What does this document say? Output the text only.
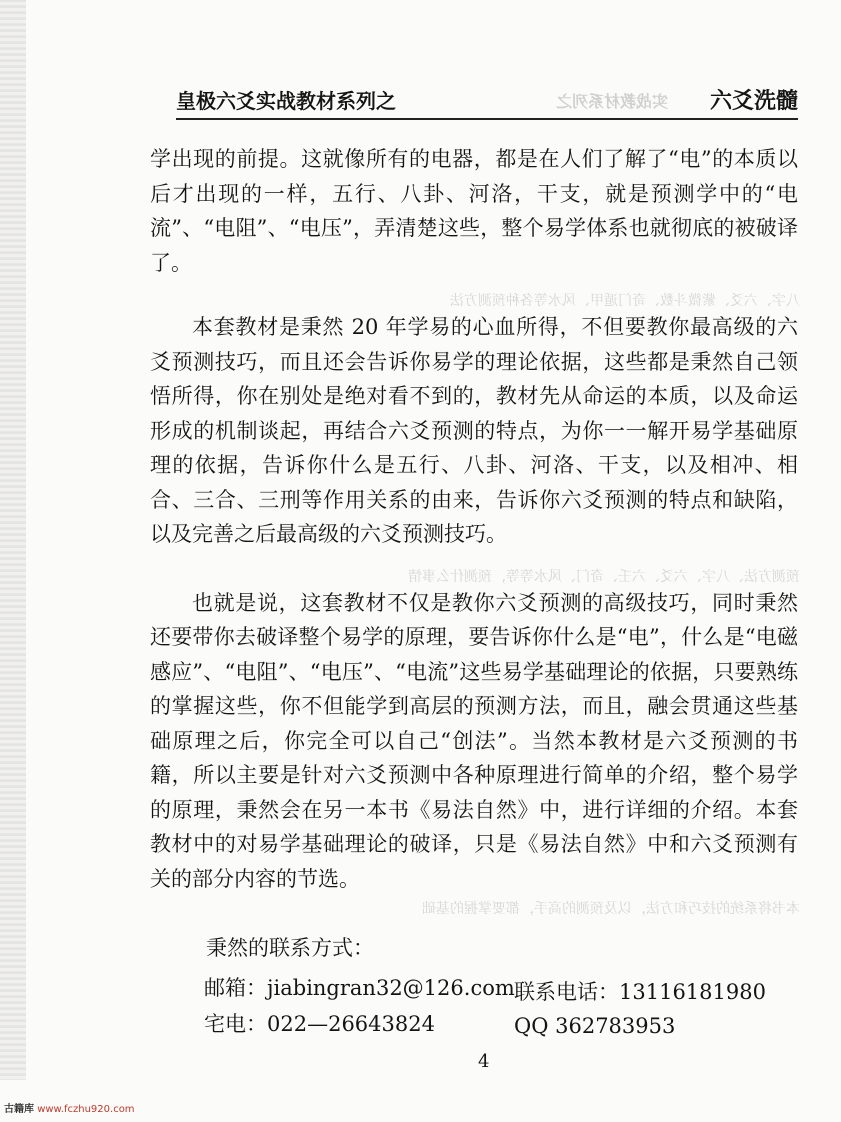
皇极六爻实战教材系列之	实战教材系列之 六爻洗髓
八字、六爻、紫微斗数、奇门遁甲、风水等各种预测方法
预测方法、八字、六爻、六壬、奇门、风水等等，预测什么事情
本书将系统的技巧和方法，以及预测的高手，都要掌握的基础

学出现的前提。这就像所有的电器，都是在人们了解了“电”的本质以后才出现的一样，五行、八卦、河洛，干支，就是预测学中的“电流”、“电阻”、“电压”，弄清楚这些，整个易学体系也就彻底的被破译了。

本套教材是秉然 20 年学易的心血所得，不但要教你最高级的六爻预测技巧，而且还会告诉你易学的理论依据，这些都是秉然自己领悟所得，你在别处是绝对看不到的，教材先从命运的本质，以及命运形成的机制谈起，再结合六爻预测的特点，为你一一解开易学基础原理的依据，告诉你什么是五行、八卦、河洛、干支，以及相冲、相合、三合、三刑等作用关系的由来，告诉你六爻预测的特点和缺陷，以及完善之后最高级的六爻预测技巧。

也就是说，这套教材不仅是教你六爻预测的高级技巧，同时秉然还要带你去破译整个易学的原理，要告诉你什么是“电”，什么是“电磁感应”、“电阻”、“电压”、“电流”这些易学基础理论的依据，只要熟练的掌握这些，你不但能学到高层的预测方法，而且，融会贯通这些基础原理之后，你完全可以自己“创法”。当然本教材是六爻预测的书籍，所以主要是针对六爻预测中各种原理进行简单的介绍，整个易学的原理，秉然会在另一本书《易法自然》中，进行详细的介绍。本套教材中的对易学基础理论的破译，只是《易法自然》中和六爻预测有关的部分内容的节选。

秉然的联系方式：
邮箱：jiabingran32@126.com
宅电：022—26643824
联系电话：13116181980
QQ 362783953
4
古籍库 www.fczhu920.com
